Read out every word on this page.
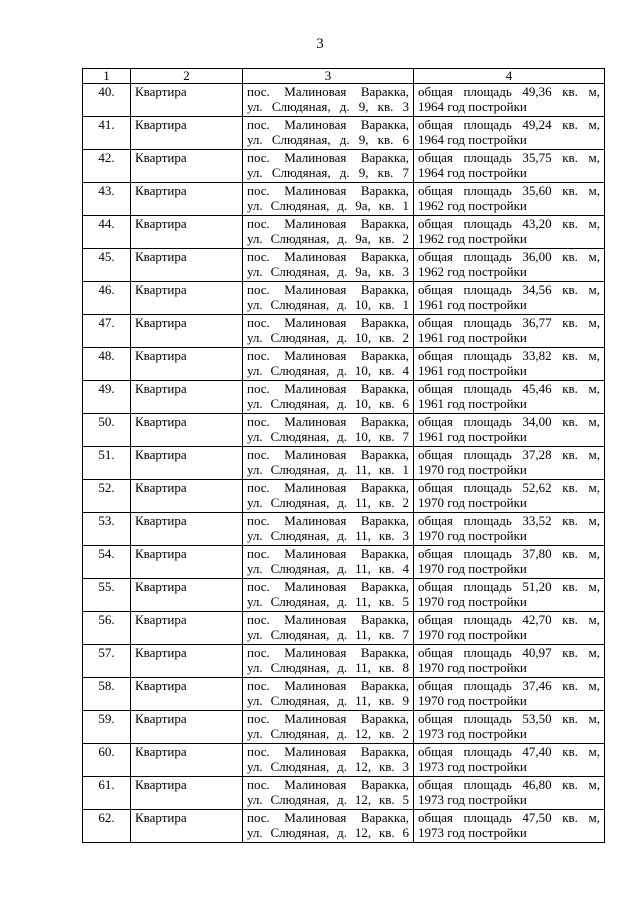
3
1	2	3	4
40.	Квартира	пос. Малиновая Варакка,
ул. Слюдяная, д. 9, кв. 3	общая площадь 49,36 кв. м,
1964 год постройки

41.	Квартира	пос. Малиновая Варакка,
ул. Слюдяная, д. 9, кв. 6	общая площадь 49,24 кв. м,
1964 год постройки

42.	Квартира	пос. Малиновая Варакка,
ул. Слюдяная, д. 9, кв. 7	общая площадь 35,75 кв. м,
1964 год постройки

43.	Квартира	пос. Малиновая Варакка,
ул. Слюдяная, д. 9а, кв. 1	общая площадь 35,60 кв. м,
1962 год постройки

44.	Квартира	пос. Малиновая Варакка,
ул. Слюдяная, д. 9а, кв. 2	общая площадь 43,20 кв. м,
1962 год постройки

45.	Квартира	пос. Малиновая Варакка,
ул. Слюдяная, д. 9а, кв. 3	общая площадь 36,00 кв. м,
1962 год постройки

46.	Квартира	пос. Малиновая Варакка,
ул. Слюдяная, д. 10, кв. 1	общая площадь 34,56 кв. м,
1961 год постройки

47.	Квартира	пос. Малиновая Варакка,
ул. Слюдяная, д. 10, кв. 2	общая площадь 36,77 кв. м,
1961 год постройки

48.	Квартира	пос. Малиновая Варакка,
ул. Слюдяная, д. 10, кв. 4	общая площадь 33,82 кв. м,
1961 год постройки

49.	Квартира	пос. Малиновая Варакка,
ул. Слюдяная, д. 10, кв. 6	общая площадь 45,46 кв. м,
1961 год постройки

50.	Квартира	пос. Малиновая Варакка,
ул. Слюдяная, д. 10, кв. 7	общая площадь 34,00 кв. м,
1961 год постройки

51.	Квартира	пос. Малиновая Варакка,
ул. Слюдяная, д. 11, кв. 1	общая площадь 37,28 кв. м,
1970 год постройки

52.	Квартира	пос. Малиновая Варакка,
ул. Слюдяная, д. 11, кв. 2	общая площадь 52,62 кв. м,
1970 год постройки

53.	Квартира	пос. Малиновая Варакка,
ул. Слюдяная, д. 11, кв. 3	общая площадь 33,52 кв. м,
1970 год постройки

54.	Квартира	пос. Малиновая Варакка,
ул. Слюдяная, д. 11, кв. 4	общая площадь 37,80 кв. м,
1970 год постройки

55.	Квартира	пос. Малиновая Варакка,
ул. Слюдяная, д. 11, кв. 5	общая площадь 51,20 кв. м,
1970 год постройки

56.	Квартира	пос. Малиновая Варакка,
ул. Слюдяная, д. 11, кв. 7	общая площадь 42,70 кв. м,
1970 год постройки

57.	Квартира	пос. Малиновая Варакка,
ул. Слюдяная, д. 11, кв. 8	общая площадь 40,97 кв. м,
1970 год постройки

58.	Квартира	пос. Малиновая Варакка,
ул. Слюдяная, д. 11, кв. 9	общая площадь 37,46 кв. м,
1970 год постройки

59.	Квартира	пос. Малиновая Варакка,
ул. Слюдяная, д. 12, кв. 2	общая площадь 53,50 кв. м,
1973 год постройки

60.	Квартира	пос. Малиновая Варакка,
ул. Слюдяная, д. 12, кв. 3	общая площадь 47,40 кв. м,
1973 год постройки

61.	Квартира	пос. Малиновая Варакка,
ул. Слюдяная, д. 12, кв. 5	общая площадь 46,80 кв. м,
1973 год постройки

62.	Квартира	пос. Малиновая Варакка,
ул. Слюдяная, д. 12, кв. 6	общая площадь 47,50 кв. м,
1973 год постройки
